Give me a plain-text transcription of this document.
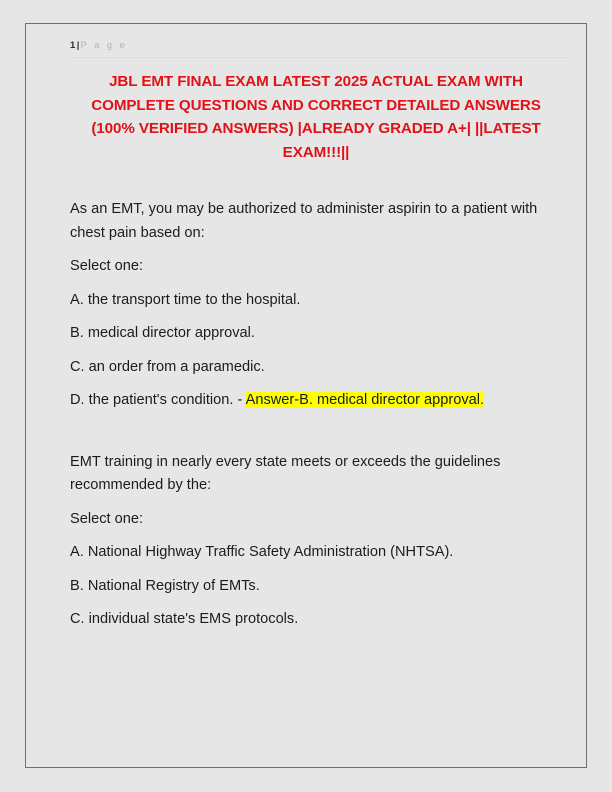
1|P a g e
JBL EMT FINAL EXAM LATEST 2025 ACTUAL EXAM WITH COMPLETE QUESTIONS AND CORRECT DETAILED ANSWERS (100% VERIFIED ANSWERS) |ALREADY GRADED A+| ||LATEST EXAM!!!||

As an EMT, you may be authorized to administer aspirin to a patient with chest pain based on:

Select one:

A. the transport time to the hospital.

B. medical director approval.

C. an order from a paramedic.

D. the patient's condition. - Answer-B. medical director approval.

EMT training in nearly every state meets or exceeds the guidelines recommended by the:

Select one:

A. National Highway Traffic Safety Administration (NHTSA).

B. National Registry of EMTs.

C. individual state's EMS protocols.
